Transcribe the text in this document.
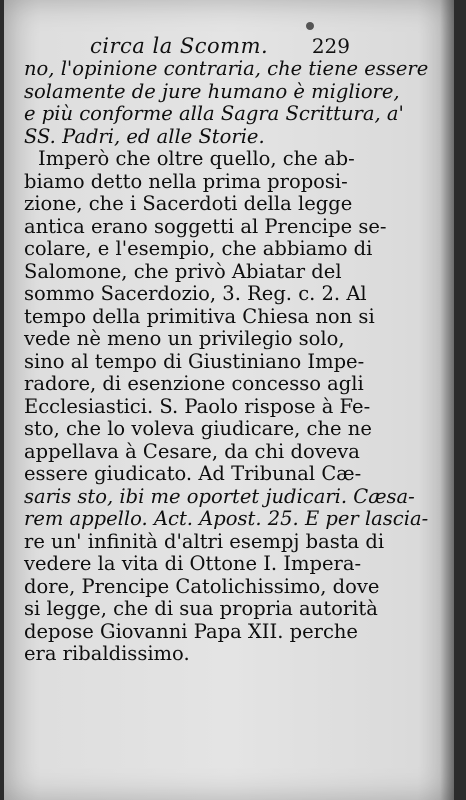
circa la Scomm. 229
no, l'opinione contraria, che tiene essere
solamente de jure humano è migliore,
e più conforme alla Sagra Scrittura, a'
SS. Padri, ed alle Storie.
Imperò che oltre quello, che ab-
biamo detto nella prima proposi-
zione, che i Sacerdoti della legge
antica erano soggetti al Prencipe se-
colare, e l'esempio, che abbiamo di
Salomone, che privò Abiatar del
sommo Sacerdozio, 3. Reg. c. 2. Al
tempo della primitiva Chiesa non si
vede nè meno un privilegio solo,
sino al tempo di Giustiniano Impe-
radore, di esenzione concesso agli
Ecclesiastici. S. Paolo rispose à Fe-
sto, che lo voleva giudicare, che ne
appellava à Cesare, da chi doveva
essere giudicato. Ad Tribunal Cæ-
saris sto, ibi me oportet judicari. Cæsa-
rem appello. Act. Apost. 25. E per lascia-
re un' infinità d'altri esempj basta di
vedere la vita di Ottone I. Impera-
dore, Prencipe Catolichissimo, dove
si legge, che di sua propria autorità
depose Giovanni Papa XII. perche
era ribaldissimo.
